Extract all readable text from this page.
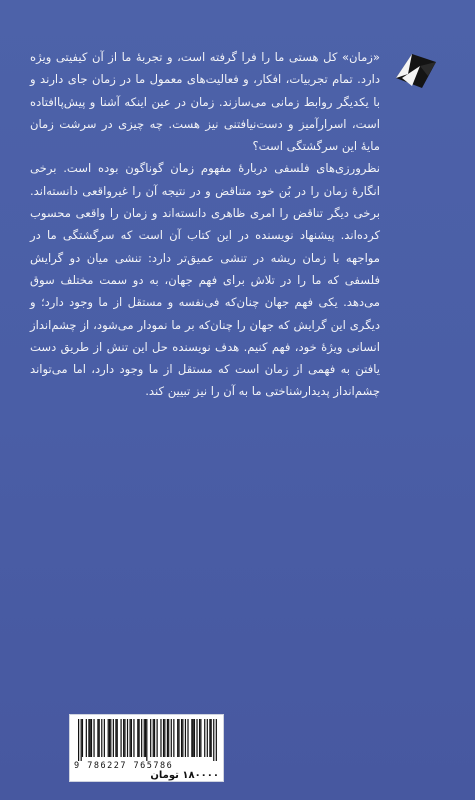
«زمان» کل هستی ما را فرا گرفته است، و تجربهٔ ما از آن کیفیتی ویژه دارد. تمام تجربیات، افکار، و فعالیت‌های معمول ما در زمان جای دارند و با یکدیگر روابط زمانی می‌سازند. زمان در عین اینکه آشنا و پیش‌پاافتاده است، اسرارآمیز و دست‌نیافتنی نیز هست. چه چیزی در سرشت زمان مایهٔ این سرگشتگی است؟

نظرورزی‌های فلسفی دربارهٔ مفهوم زمان گوناگون بوده است. برخی انگارهٔ زمان را در بُن خود متناقض و در نتیجه آن را غیرواقعی دانسته‌اند. برخی دیگر تناقض را امری ظاهری دانسته‌اند و زمان را واقعی محسوب کرده‌اند. پیشنهاد نویسنده در این کتاب آن است که سرگشتگی ما در مواجهه با زمان ریشه در تنشی عمیق‌تر دارد: تنشی میان دو گرایش فلسفی که ما را در تلاش برای فهم جهان، به دو سمت مختلف سوق می‌دهد. یکی فهم جهان چنان‌که فی‌نفسه و مستقل از ما وجود دارد؛ و دیگری این گرایش که جهان را چنان‌که بر ما نمودار می‌شود، از چشم‌انداز انسانی ویژهٔ خود، فهم کنیم. هدف نویسنده حل این تنش از طریق دست یافتن به فهمی از زمان است که مستقل از ما وجود دارد، اما می‌تواند چشم‌انداز پدیدارشناختی ما به آن را نیز تبیین کند.

9 786227 765786
۱۸۰۰۰۰ تومان
